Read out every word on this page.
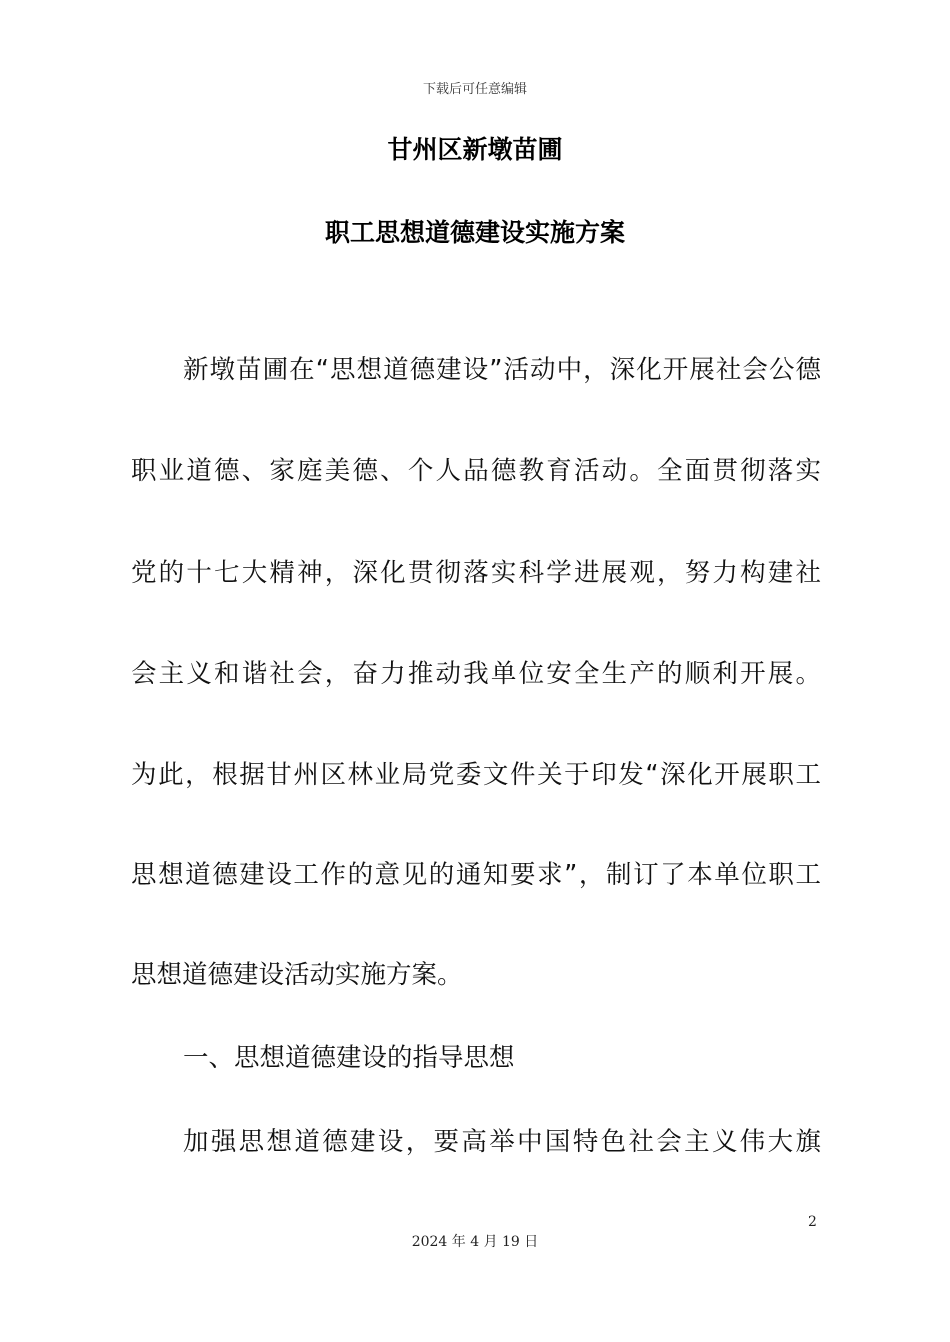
下载后可任意编辑
甘州区新墩苗圃
职工思想道德建设实施方案
新墩苗圃在“思想道德建设”活动中，深化开展社会公德
职业道德、家庭美德、个人品德教育活动。全面贯彻落实
党的十七大精神，深化贯彻落实科学进展观，努力构建社
会主义和谐社会，奋力推动我单位安全生产的顺利开展。
为此，根据甘州区林业局党委文件关于印发“深化开展职工
思想道德建设工作的意见的通知要求”，制订了本单位职工
思想道德建设活动实施方案。
一、思想道德建设的指导思想
加强思想道德建设，要高举中国特色社会主义伟大旗
2
2024 年 4 月 19 日
